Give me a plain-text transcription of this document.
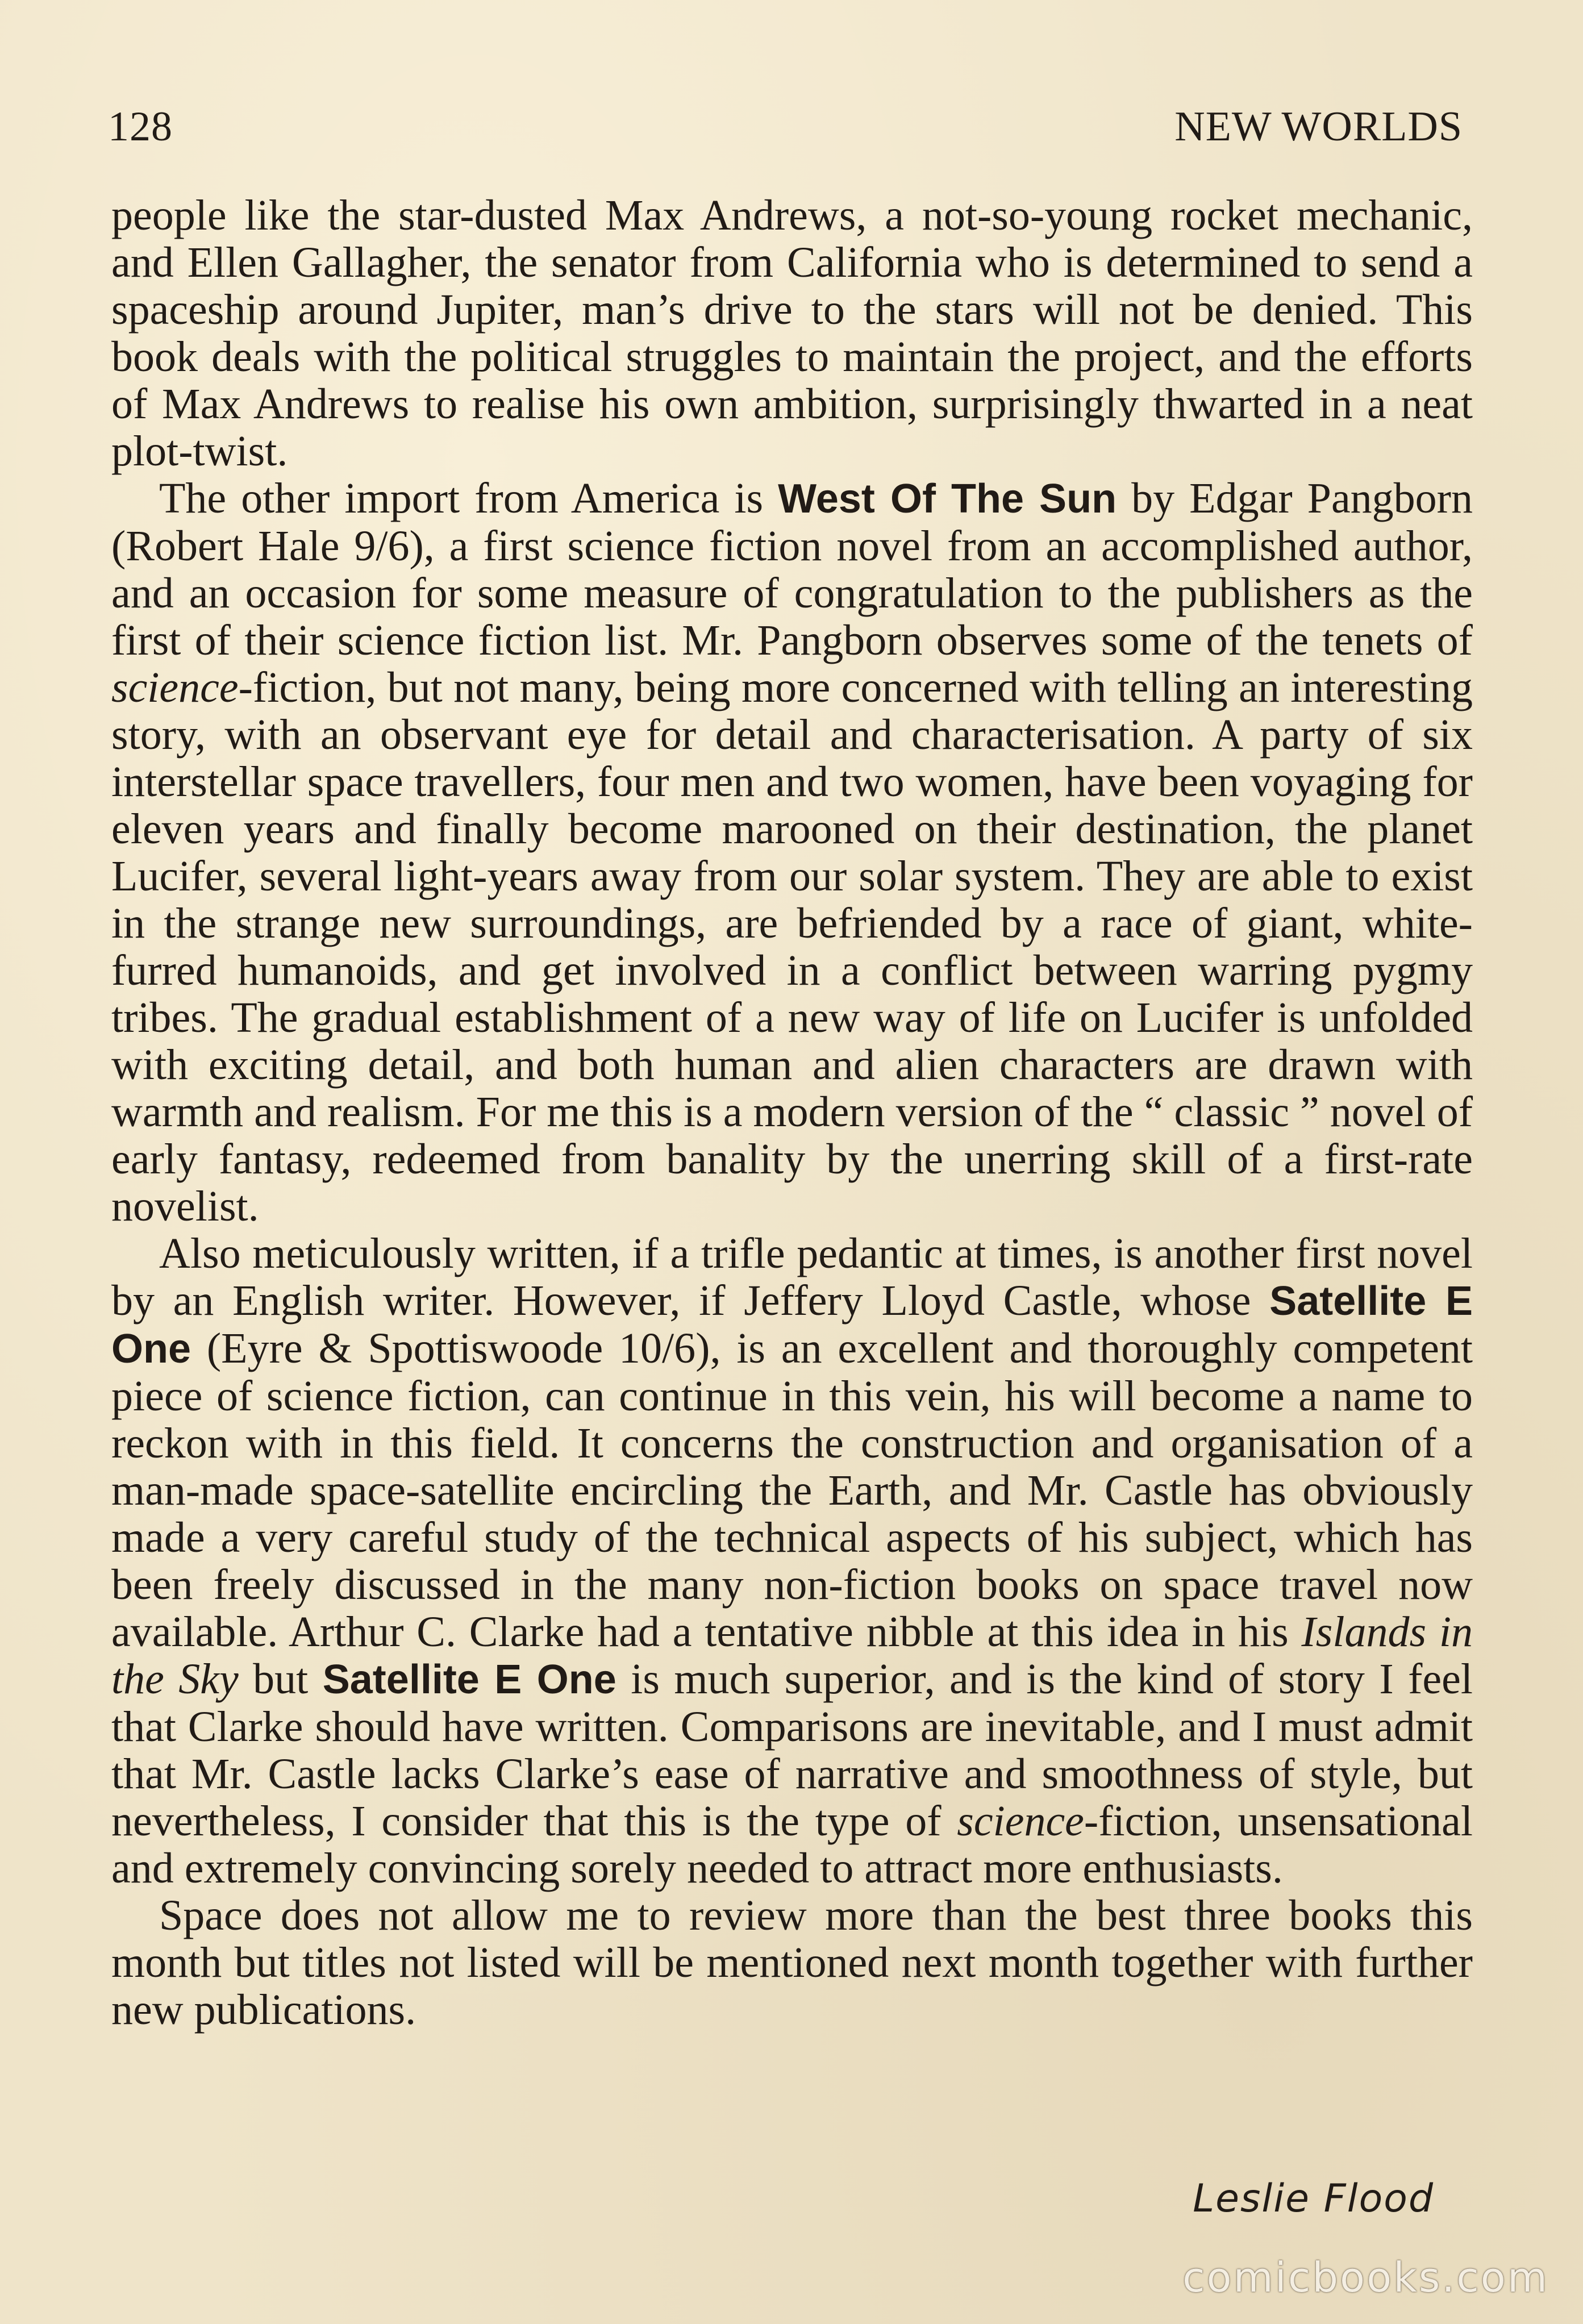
128	NEW WORLDS

people like the star-dusted Max Andrews, a not-so-young rocket mechanic, and Ellen Gallagher, the senator from California who is determined to send a spaceship around Jupiter, man’s drive to the stars will not be denied. This book deals with the political struggles to maintain the project, and the efforts of Max Andrews to realise his own ambition, surprisingly thwarted in a neat plot-twist.

The other import from America is West Of The Sun by Edgar Pangborn (Robert Hale 9/6), a first science fiction novel from an accomplished author, and an occasion for some measure of congratulation to the publishers as the first of their science fiction list. Mr. Pangborn observes some of the tenets of science-fiction, but not many, being more concerned with telling an interesting story, with an observant eye for detail and characterisation. A party of six interstellar space travellers, four men and two women, have been voyaging for eleven years and finally become marooned on their destination, the planet Lucifer, several light-years away from our solar system. They are able to exist in the strange new surroundings, are befriended by a race of giant, white-furred humanoids, and get involved in a conflict between warring pygmy tribes. The gradual establishment of a new way of life on Lucifer is unfolded with exciting detail, and both human and alien characters are drawn with warmth and realism. For me this is a modern version of the “ classic ” novel of early fantasy, redeemed from banality by the unerring skill of a first-rate novelist.

Also meticulously written, if a trifle pedantic at times, is another first novel by an English writer. However, if Jeffery Lloyd Castle, whose Satellite E One (Eyre & Spottiswoode 10/6), is an excellent and thoroughly competent piece of science fiction, can continue in this vein, his will become a name to reckon with in this field. It concerns the construction and organisation of a man-made space-satellite encircling the Earth, and Mr. Castle has obviously made a very careful study of the technical aspects of his subject, which has been freely discussed in the many non-fiction books on space travel now available. Arthur C. Clarke had a tentative nibble at this idea in his Islands in the Sky but Satellite E One is much superior, and is the kind of story I feel that Clarke should have written. Comparisons are inevitable, and I must admit that Mr. Castle lacks Clarke’s ease of narrative and smoothness of style, but nevertheless, I consider that this is the type of science-fiction, unsensational and extremely convincing sorely needed to attract more enthusiasts.

Space does not allow me to review more than the best three books this month but titles not listed will be mentioned next month together with further new publications.

Leslie Flood
comicbooks.com
